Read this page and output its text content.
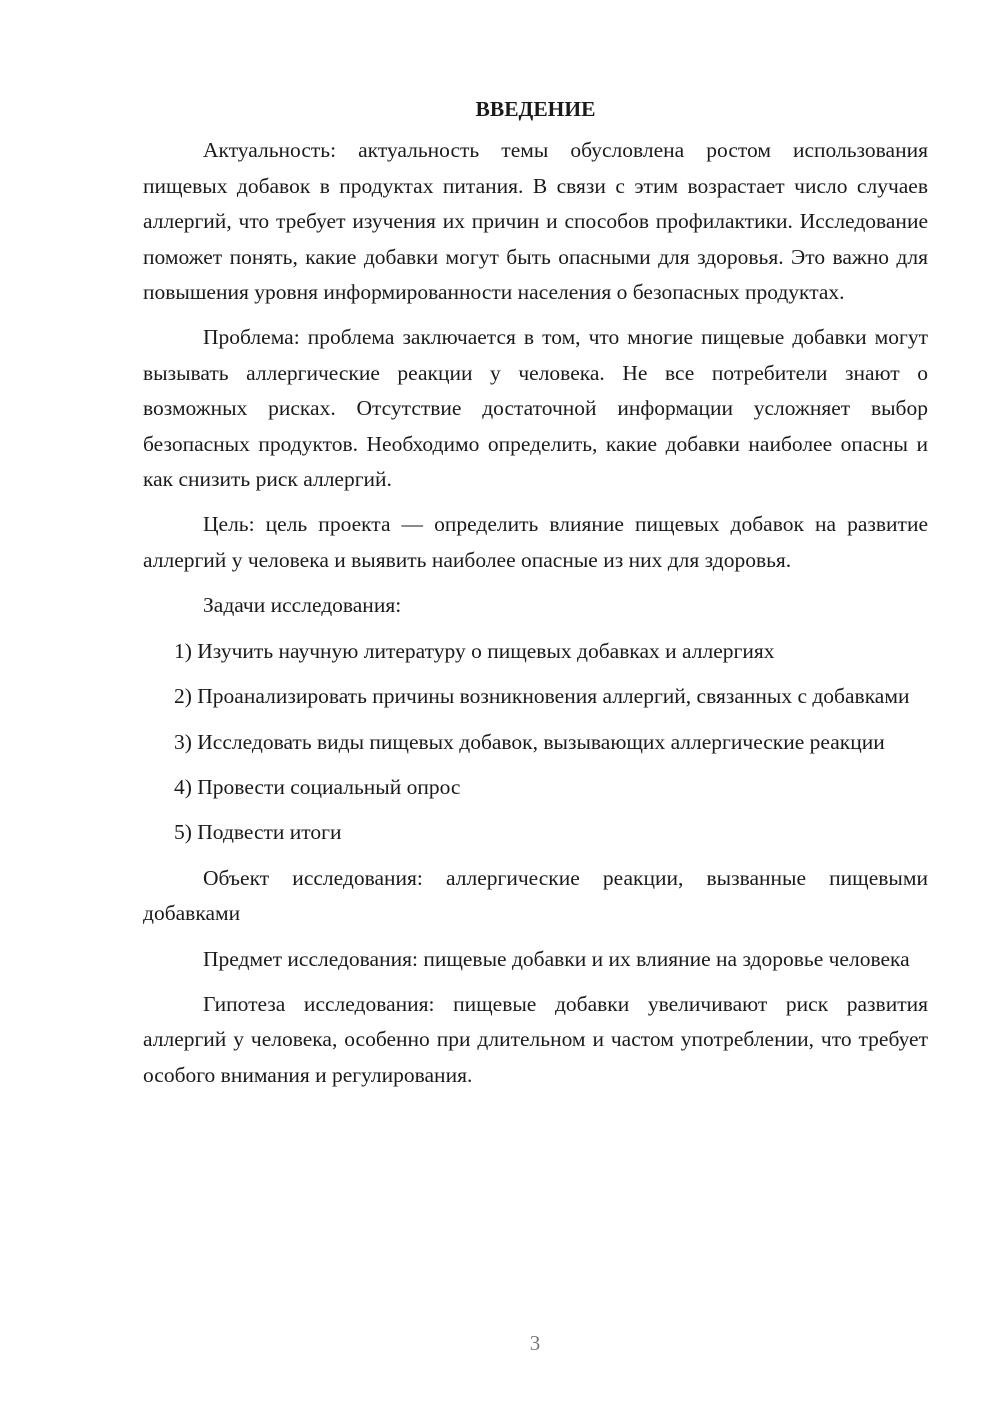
ВВЕДЕНИЕ

Актуальность: актуальность темы обусловлена ростом использования пищевых добавок в продуктах питания. В связи с этим возрастает число случаев аллергий, что требует изучения их причин и способов профилактики. Исследование поможет понять, какие добавки могут быть опасными для здоровья. Это важно для повышения уровня информированности населения о безопасных продуктах.

Проблема: проблема заключается в том, что многие пищевые добавки могут вызывать аллергические реакции у человека. Не все потребители знают о возможных рисках. Отсутствие достаточной информации усложняет выбор безопасных продуктов. Необходимо определить, какие добавки наиболее опасны и как снизить риск аллергий.

Цель: цель проекта — определить влияние пищевых добавок на развитие аллергий у человека и выявить наиболее опасные из них для здоровья.

Задачи исследования:

1) Изучить научную литературу о пищевых добавках и аллергиях

2) Проанализировать причины возникновения аллергий, связанных с добавками

3) Исследовать виды пищевых добавок, вызывающих аллергические реакции

4) Провести социальный опрос

5) Подвести итоги

Объект исследования: аллергические реакции, вызванные пищевыми добавками

Предмет исследования: пищевые добавки и их влияние на здоровье человека

Гипотеза исследования: пищевые добавки увеличивают риск развития аллергий у человека, особенно при длительном и частом употреблении, что требует особого внимания и регулирования.

3
